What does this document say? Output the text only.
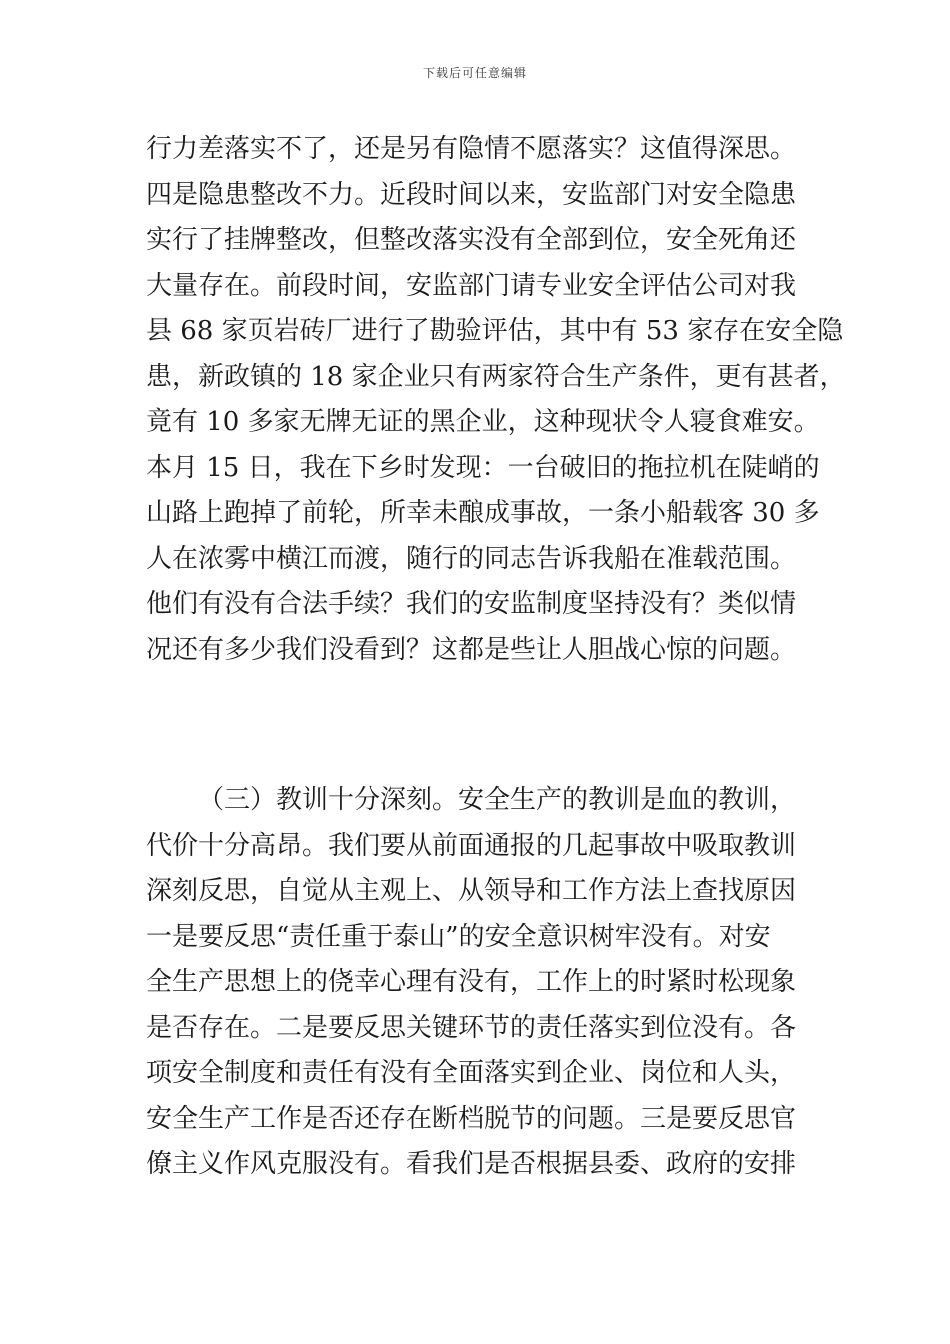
下载后可任意编辑
行力差落实不了，还是另有隐情不愿落实？这值得深思。
四是隐患整改不力。近段时间以来，安监部门对安全隐患
实行了挂牌整改，但整改落实没有全部到位，安全死角还
大量存在。前段时间，安监部门请专业安全评估公司对我
县 68 家页岩砖厂进行了勘验评估，其中有 53 家存在安全隐
患，新政镇的 18 家企业只有两家符合生产条件，更有甚者，
竟有 10 多家无牌无证的黑企业，这种现状令人寝食难安。
本月 15 日，我在下乡时发现：一台破旧的拖拉机在陡峭的
山路上跑掉了前轮，所幸未酿成事故，一条小船载客 30 多
人在浓雾中横江而渡，随行的同志告诉我船在准载范围。
他们有没有合法手续？我们的安监制度坚持没有？类似情
况还有多少我们没看到？这都是些让人胆战心惊的问题。
（三）教训十分深刻。安全生产的教训是血的教训，
代价十分高昂。我们要从前面通报的几起事故中吸取教训
深刻反思，自觉从主观上、从领导和工作方法上查找原因
一是要反思“责任重于泰山”的安全意识树牢没有。对安
全生产思想上的侥幸心理有没有，工作上的时紧时松现象
是否存在。二是要反思关键环节的责任落实到位没有。各
项安全制度和责任有没有全面落实到企业、岗位和人头，
安全生产工作是否还存在断档脱节的问题。三是要反思官
僚主义作风克服没有。看我们是否根据县委、政府的安排
